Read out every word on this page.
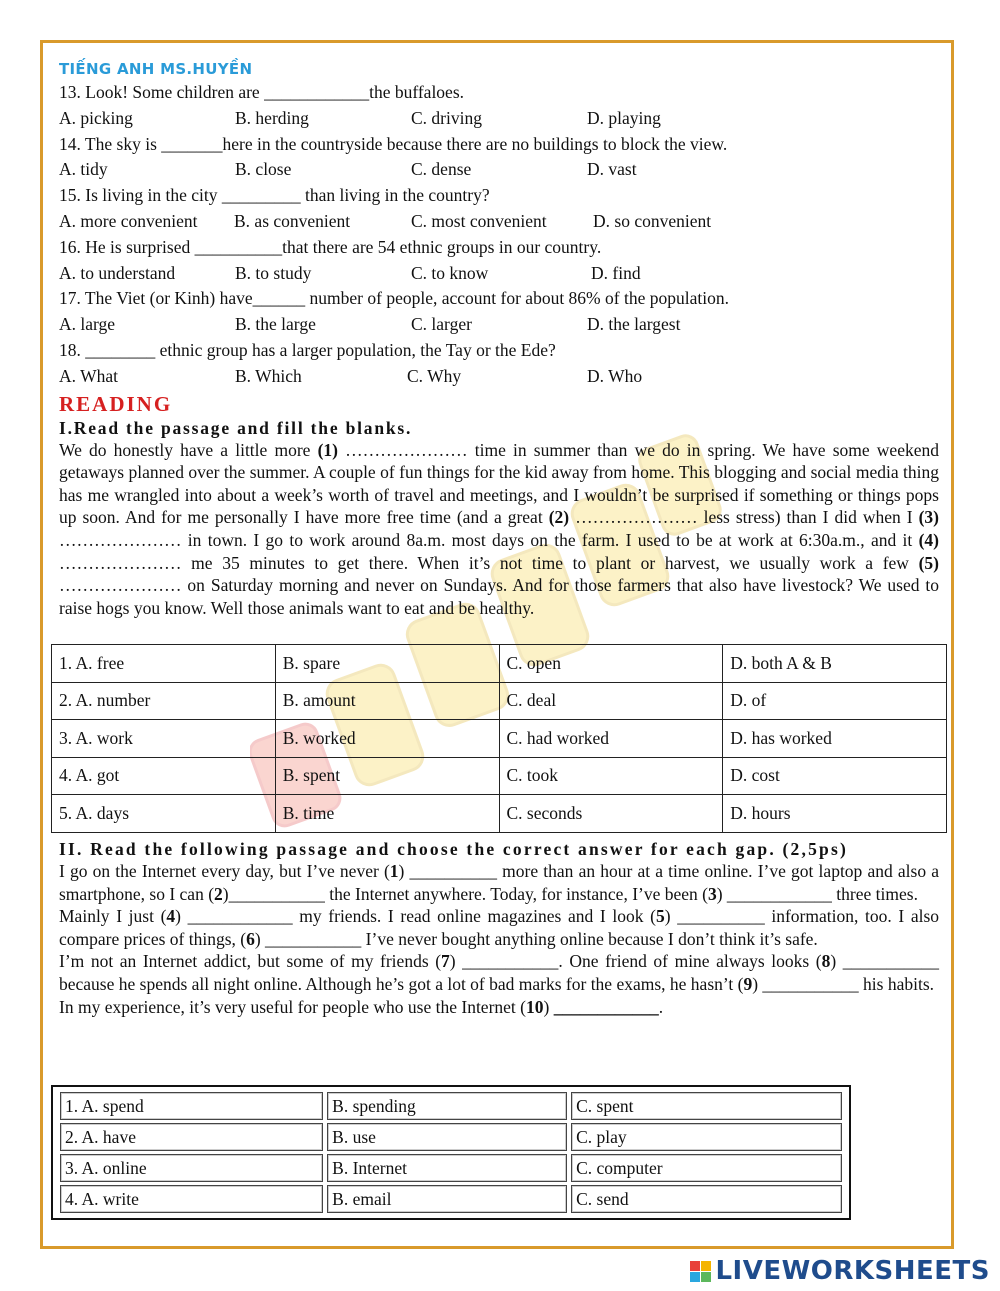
TIẾNG ANH MS.HUYỀN
13. Look! Some children are ____________the buffaloes.
A. picking	B. herding	C. driving	D. playing
14. The sky is _______here in the countryside because there are no buildings to block the view.
A. tidy	B. close	C. dense	D. vast
15. Is living in the city _________ than living in the country?
A. more convenient	B. as convenient	C. most convenient	D. so convenient
16. He is surprised __________that there are 54 ethnic groups in our country.
A. to understand	B. to study	C. to know	D. find
17. The Viet (or Kinh) have______ number of people, account for about 86% of the population.
A. large	B. the large	C. larger	D. the largest
18. ________ ethnic group has a larger population, the Tay or the Ede?
A. What	B. Which	C. Why	D. Who
READING
I.Read the passage and fill the blanks.
We do honestly have a little more (1) ………………… time in summer than we do in spring. We have some weekend getaways planned over the summer. A couple of fun things for the kid away from home. This blogging and social media thing has me wrangled into about a week’s worth of travel and meetings, and I wouldn’t be surprised if something or things pops up soon. And for me personally I have more free time (and a great (2) ………………… less stress) than I did when I (3) ………………… in town. I go to work around 8a.m. most days on the farm. I used to be at work at 6:30a.m., and it (4) ………………… me 35 minutes to get there. When it’s not time to plant or harvest, we usually work a few (5) ………………… on Saturday morning and never on Sundays. And for those farmers that also have livestock? We used to raise hogs you know. Well those animals want to eat and be healthy.
1. A. free	B. spare	C. open	D. both A & B
2. A. number	B. amount	C. deal	D. of
3. A. work	B. worked	C. had worked	D. has worked
4. A. got	B. spent	C. took	D. cost
5. A. days	B. time	C. seconds	D. hours
II. Read the following passage and choose the correct answer for each gap. (2,5ps)
I go on the Internet every day, but I’ve never (1) __________ more than an hour at a time online. I’ve got laptop and also a smartphone, so I can (2)___________ the Internet anywhere. Today, for instance, I’ve been (3) ____________ three times.
Mainly I just (4) ____________ my friends. I read online magazines and I look (5) __________ information, too. I also compare prices of things, (6) ___________ I’ve never bought anything online because I don’t think it’s safe.
I’m not an Internet addict, but some of my friends (7) ___________. One friend of mine always looks (8) ___________ because he spends all night online. Although he’s got a lot of bad marks for the exams, he hasn’t (9) ___________ his habits.
In my experience, it’s very useful for people who use the Internet (10) ____________.
1. A. spend	B. spending	C. spent
2. A. have	B. use	C. play
3. A. online	B. Internet	C. computer
4. A. write	B. email	C. send
LIVEWORKSHEETS
